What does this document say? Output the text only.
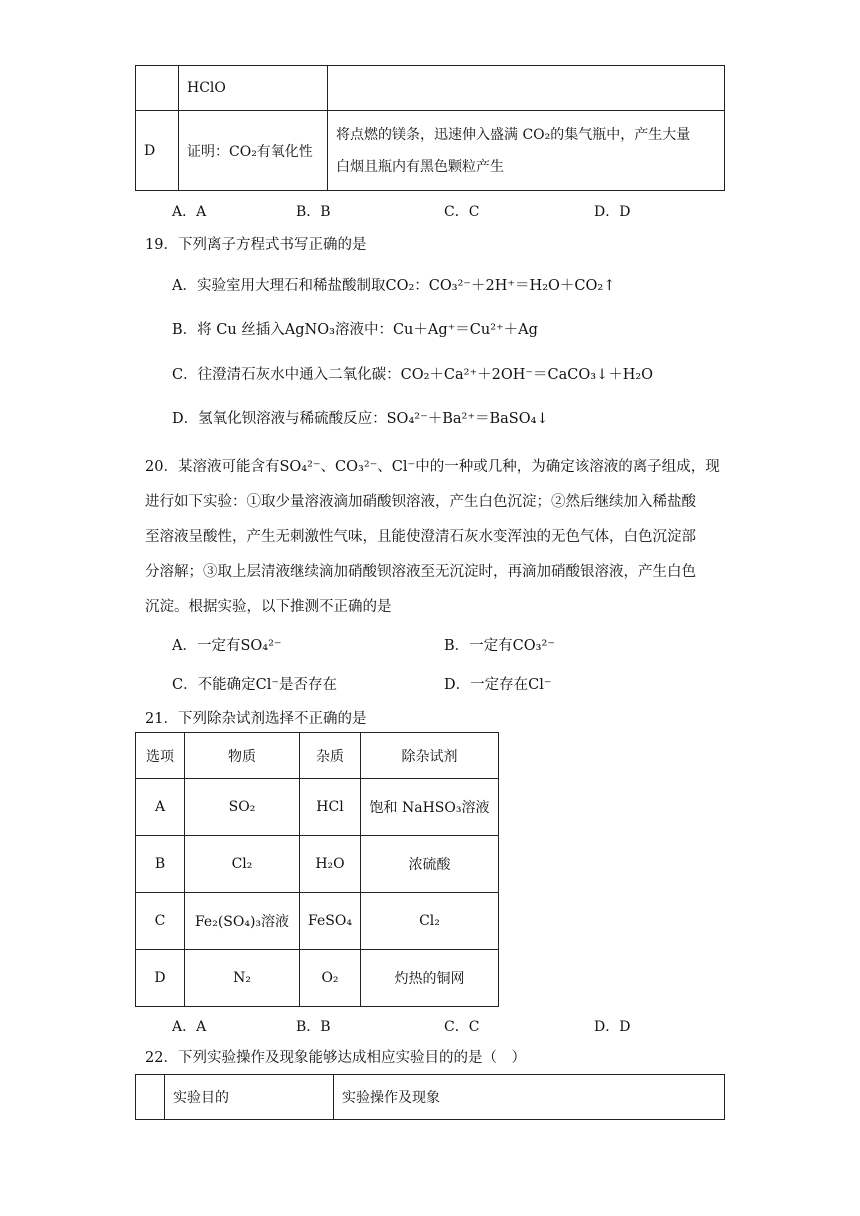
	HClO	
D	证明：CO₂有氧化性	将点燃的镁条，迅速伸入盛满 CO₂的集气瓶中，产生大量
白烟且瓶内有黑色颗粒产生
A．A	B．B	C．C	D．D
19．下列离子方程式书写正确的是
A．实验室用大理石和稀盐酸制取CO₂：CO₃²⁻＋2H⁺＝H₂O＋CO₂↑
B．将 Cu 丝插入AgNO₃溶液中：Cu＋Ag⁺＝Cu²⁺＋Ag
C．往澄清石灰水中通入二氧化碳：CO₂＋Ca²⁺＋2OH⁻＝CaCO₃↓＋H₂O
D．氢氧化钡溶液与稀硫酸反应：SO₄²⁻＋Ba²⁺＝BaSO₄↓
20．某溶液可能含有SO₄²⁻、CO₃²⁻、Cl⁻中的一种或几种，为确定该溶液的离子组成，现
进行如下实验：①取少量溶液滴加硝酸钡溶液，产生白色沉淀；②然后继续加入稀盐酸
至溶液呈酸性，产生无刺激性气味，且能使澄清石灰水变浑浊的无色气体，白色沉淀部
分溶解；③取上层清液继续滴加硝酸钡溶液至无沉淀时，再滴加硝酸银溶液，产生白色
沉淀。根据实验，以下推测不正确的是
A．一定有SO₄²⁻	B．一定有CO₃²⁻
C．不能确定Cl⁻是否存在	D．一定存在Cl⁻
21．下列除杂试剂选择不正确的是
选项	物质	杂质	除杂试剂
A	SO₂	HCl	饱和 NaHSO₃溶液
B	Cl₂	H₂O	浓硫酸
C	Fe₂(SO₄)₃溶液	FeSO₄	Cl₂
D	N₂	O₂	灼热的铜网
A．A	B．B	C．C	D．D
22．下列实验操作及现象能够达成相应实验目的的是（　）
	实验目的	实验操作及现象
